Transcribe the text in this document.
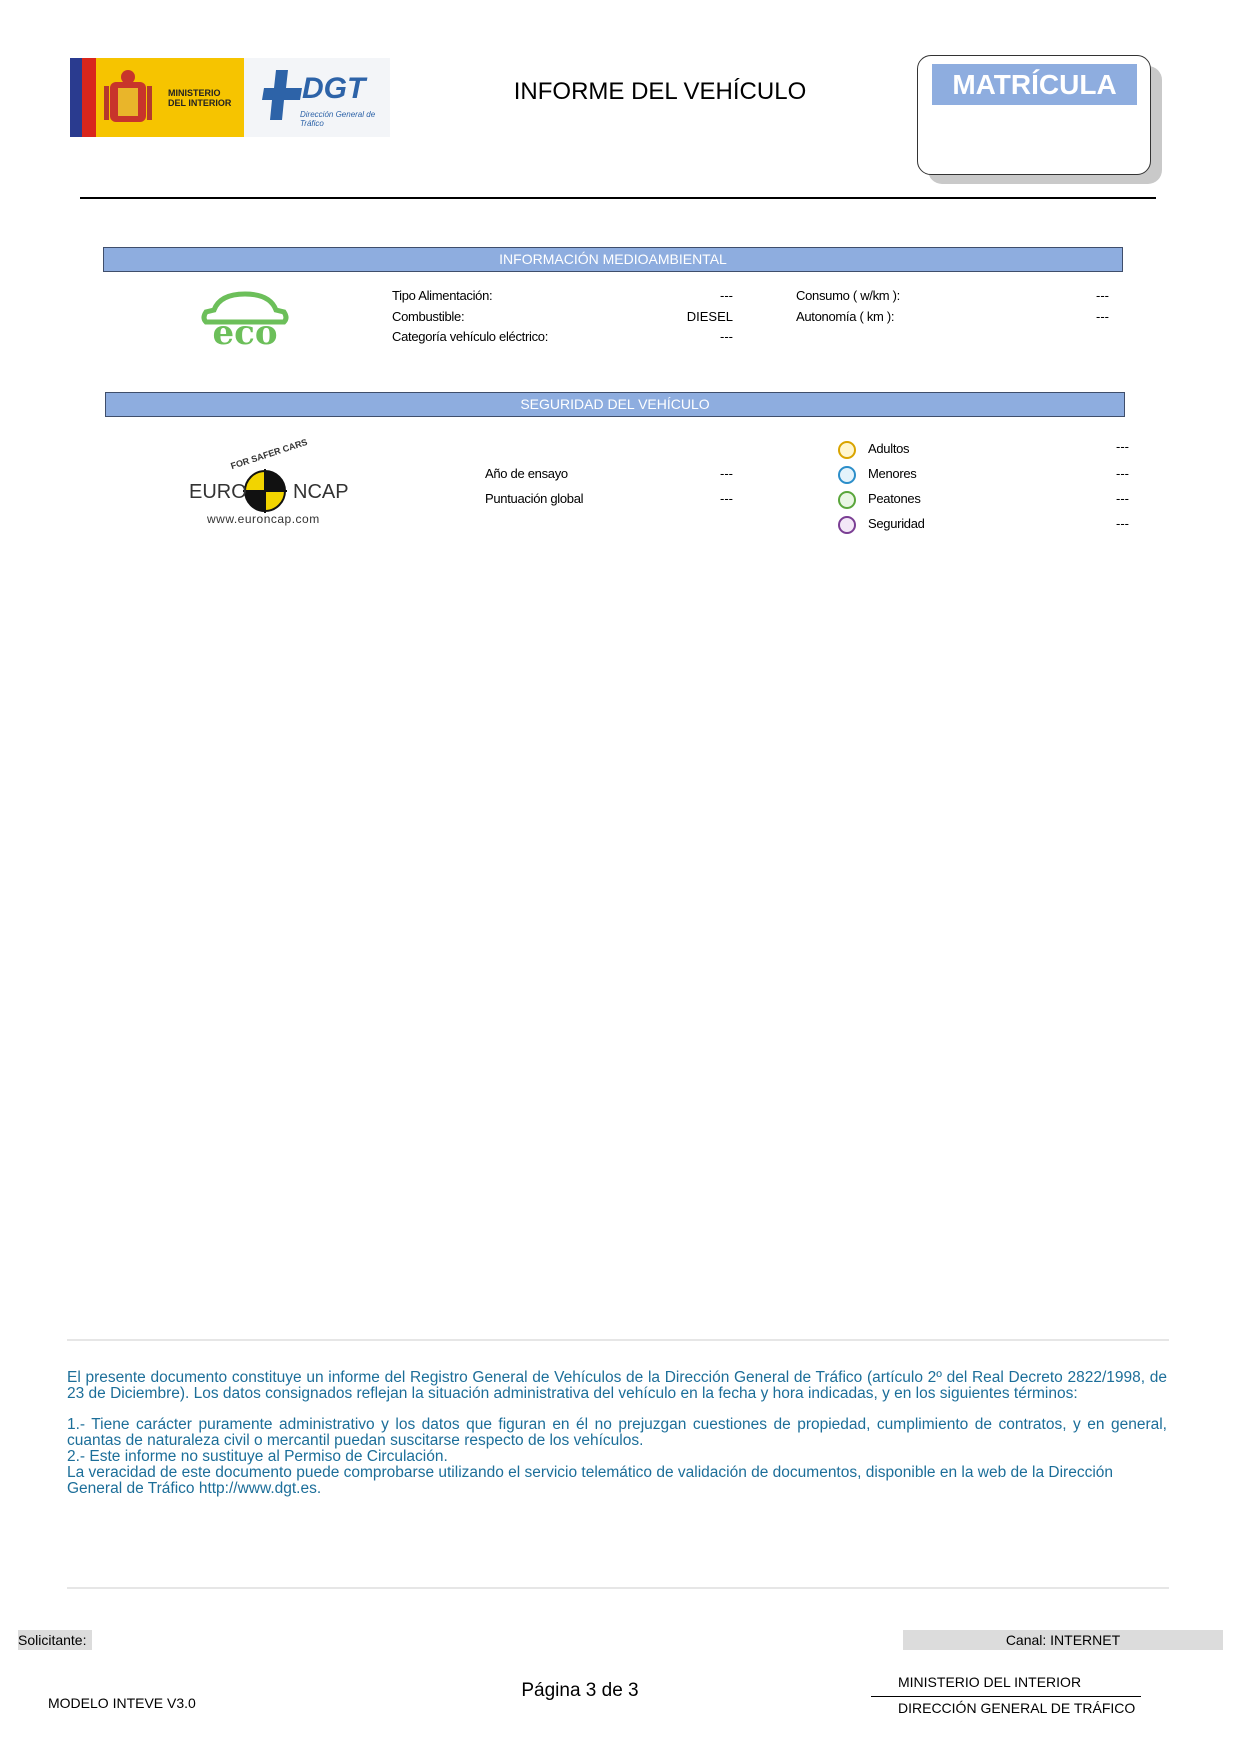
MINISTERIO DEL INTERIOR DGT
Dirección General de Tráfico
INFORME DEL VEHÍCULO	MATRÍCULA
INFORMACIÓN MEDIOAMBIENTAL
eco
Tipo Alimentación:	---
Combustible:	DIESEL
Categoría vehículo eléctrico:	---
Consumo ( w/km ):	---
Autonomía ( km ):	---
SEGURIDAD DEL VEHÍCULO
FOR SAFER CARS
EURO NCAP
www.euroncap.com
Año de ensayo	---
Puntuación global	---
Adultos	---
Menores	---
Peatones	---
Seguridad	---

El presente documento constituye un informe del Registro General de Vehículos de la Dirección General de Tráfico (artículo 2º del Real Decreto 2822/1998, de 23 de Diciembre). Los datos consignados reflejan la situación administrativa del vehículo en la fecha y hora indicadas, y en los siguientes términos:

1.- Tiene carácter puramente administrativo y los datos que figuran en él no prejuzgan cuestiones de propiedad, cumplimiento de contratos, y en general, cuantas de naturaleza civil o mercantil puedan suscitarse respecto de los vehículos.

2.- Este informe no sustituye al Permiso de Circulación.

La veracidad de este documento puede comprobarse utilizando el servicio telemático de validación de documentos, disponible en la web de la Dirección General de Tráfico http://www.dgt.es.

Solicitante:	Canal: INTERNET
Página 3 de 3
MODELO INTEVE V3.0
MINISTERIO DEL INTERIOR
DIRECCIÓN GENERAL DE TRÁFICO
